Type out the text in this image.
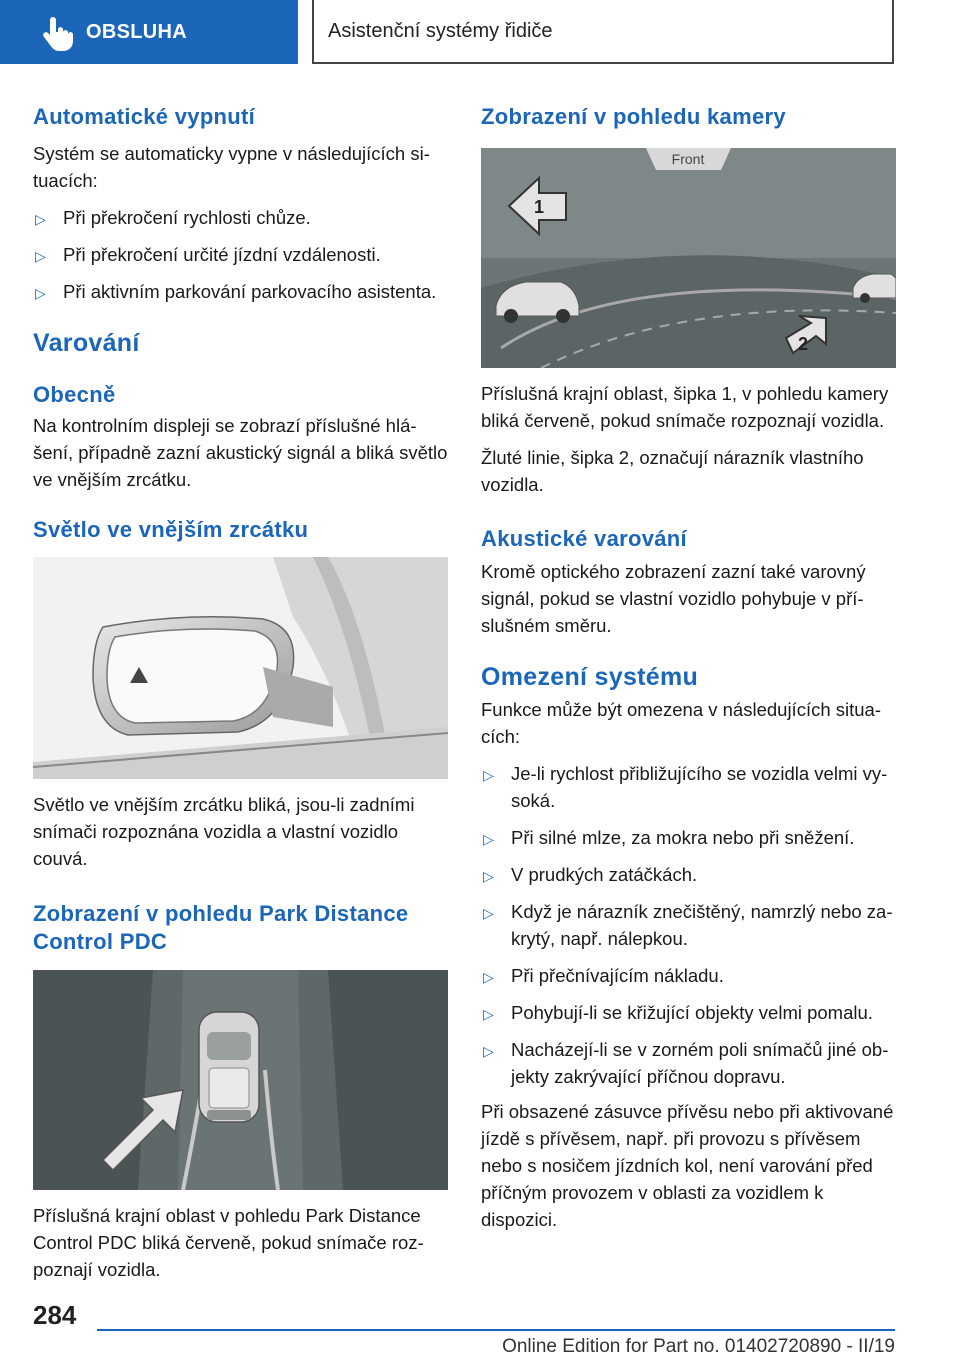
OBSLUHA	Asistenční systémy řidiče
Automatické vypnutí

Systém se automaticky vypne v následujících situacích:

▷ Při překročení rychlosti chůze.
▷ Při překročení určité jízdní vzdálenosti.
▷ Při aktivním parkování parkovacího asistenta.
Varování
Obecně

Na kontrolním displeji se zobrazí příslušné hlášení, případně zazní akustický signál a bliká světlo ve vnějším zrcátku.

Světlo ve vnějším zrcátku

Světlo ve vnějším zrcátku bliká, jsou-li zadními snímači rozpoznána vozidla a vlastní vozidlo couvá.

Zobrazení v pohledu Park Distance Control PDC

Příslušná krajní oblast v pohledu Park Distance Control PDC bliká červeně, pokud snímače rozpoznají vozidla.

Zobrazení v pohledu kamery
Front
1
2

Příslušná krajní oblast, šipka 1, v pohledu kamery bliká červeně, pokud snímače rozpoznají vozidla.

Žluté linie, šipka 2, označují nárazník vlastního vozidla.

Akustické varování

Kromě optického zobrazení zazní také varovný signál, pokud se vlastní vozidlo pohybuje v příslušném směru.

Omezení systému

Funkce může být omezena v následujících situacích:

▷ Je-li rychlost přibližujícího se vozidla velmi vysoká.
▷ Při silné mlze, za mokra nebo při sněžení.
▷ V prudkých zatáčkách.
▷ Když je nárazník znečištěný, namrzlý nebo zakrytý, např. nálepkou.
▷ Při přečnívajícím nákladu.
▷ Pohybují-li se křižující objekty velmi pomalu.
▷ Nacházejí-li se v zorném poli snímačů jiné objekty zakrývající příčnou dopravu.

Při obsazené zásuvce přívěsu nebo při aktivované jízdě s přívěsem, např. při provozu s přívěsem nebo s nosičem jízdních kol, není varování před příčným provozem v oblasti za vozidlem k dispozici.

284
Online Edition for Part no. 01402720890 - II/19
